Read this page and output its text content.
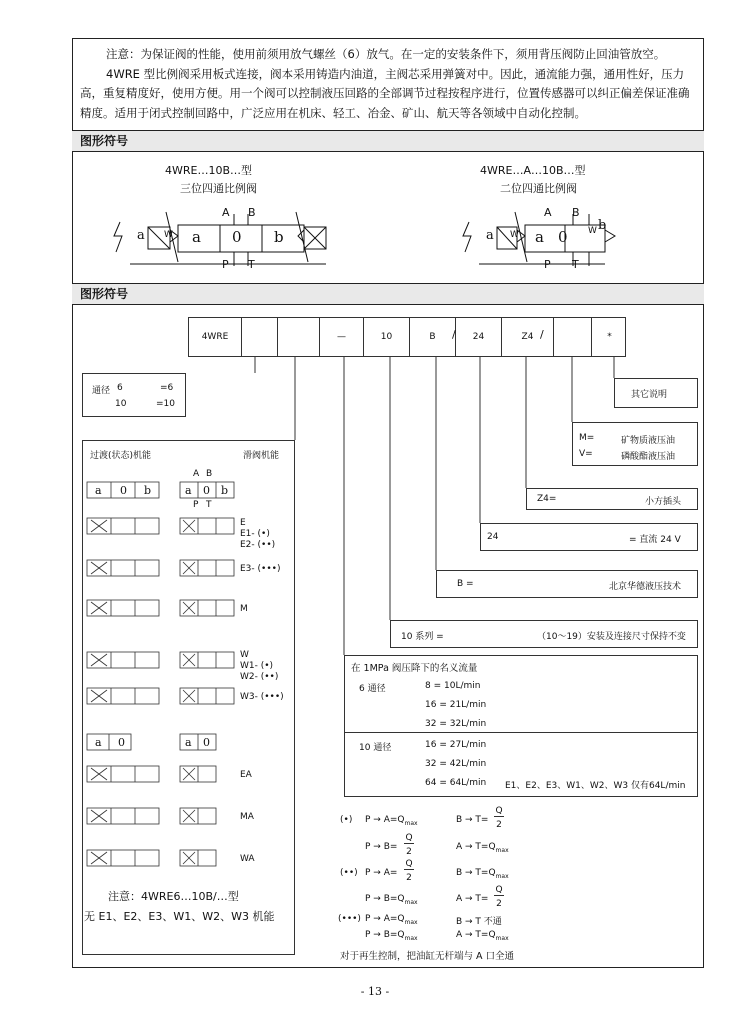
注意：为保证阀的性能，使用前须用放气螺丝（6）放气。在一定的安装条件下，须用背压阀防止回油管放空。

4WRE 型比例阀采用板式连接，阀本采用铸造内油道，主阀芯采用弹簧对中。因此，通流能力强，通用性好，压力高，重复精度好，使用方便。用一个阀可以控制液压回路的全部调节过程按程序进行，位置传感器可以纠正偏差保证准确精度。适用于闭式控制回路中，广泛应用在机床、轻工、冶金、矿山、航天等各领域中自动化控制。

图形符号
4WRE…10B…型
三位四通比例阀
4WRE…A…10B…型
二位四通比例阀
a W a 0 b
A B
P T
a W a 0 W b
A B
P T
图形符号
4WRE	—	10	B	24	Z4	*
/	/
通径 6	=6
10	=10
其它说明
M=	矿物质液压油
V=	磷酸酯液压油
Z4=	小方插头
24	= 直流 24 V
B =	北京华德液压技术
10 系列 =	（10～19）安装及连接尺寸保持不变
在 1MPa 阀压降下的名义流量
6 通径	8 = 10L/min
16 = 21L/min
32 = 32L/min
10 通径	16 = 27L/min
32 = 42L/min
64 = 64L/min E1、E2、E3、W1、W2、W3 仅有64L/min
过渡(状态)机能	滑阀机能
a 0 b	a 0 b
A B
P T
E
E1- (•)
E2- (••)
E3- (•••)
M
W
W1- (•)
W2- (••)
W3- (•••)
a 0	a 0
EA
MA
WA
注意：4WRE6…10B/…型
无 E1、E2、E3、W1、W2、W3 机能
(•) $P \to A=Q_{max}$	B → T=
Q
2
P → B=
Q
2	$A \to T=Q_{max}$
(••) P → A=
Q
2	$B \to T=Q_{max}$
$P \to B=Q_{max}$	A → T=
Q
2
(•••) $P \to A=Q_{max}$	B → T 不通
$P \to B=Q_{max}$	$A \to T=Q_{max}$
对于再生控制，把油缸无杆端与 A 口全通
- 13 -
